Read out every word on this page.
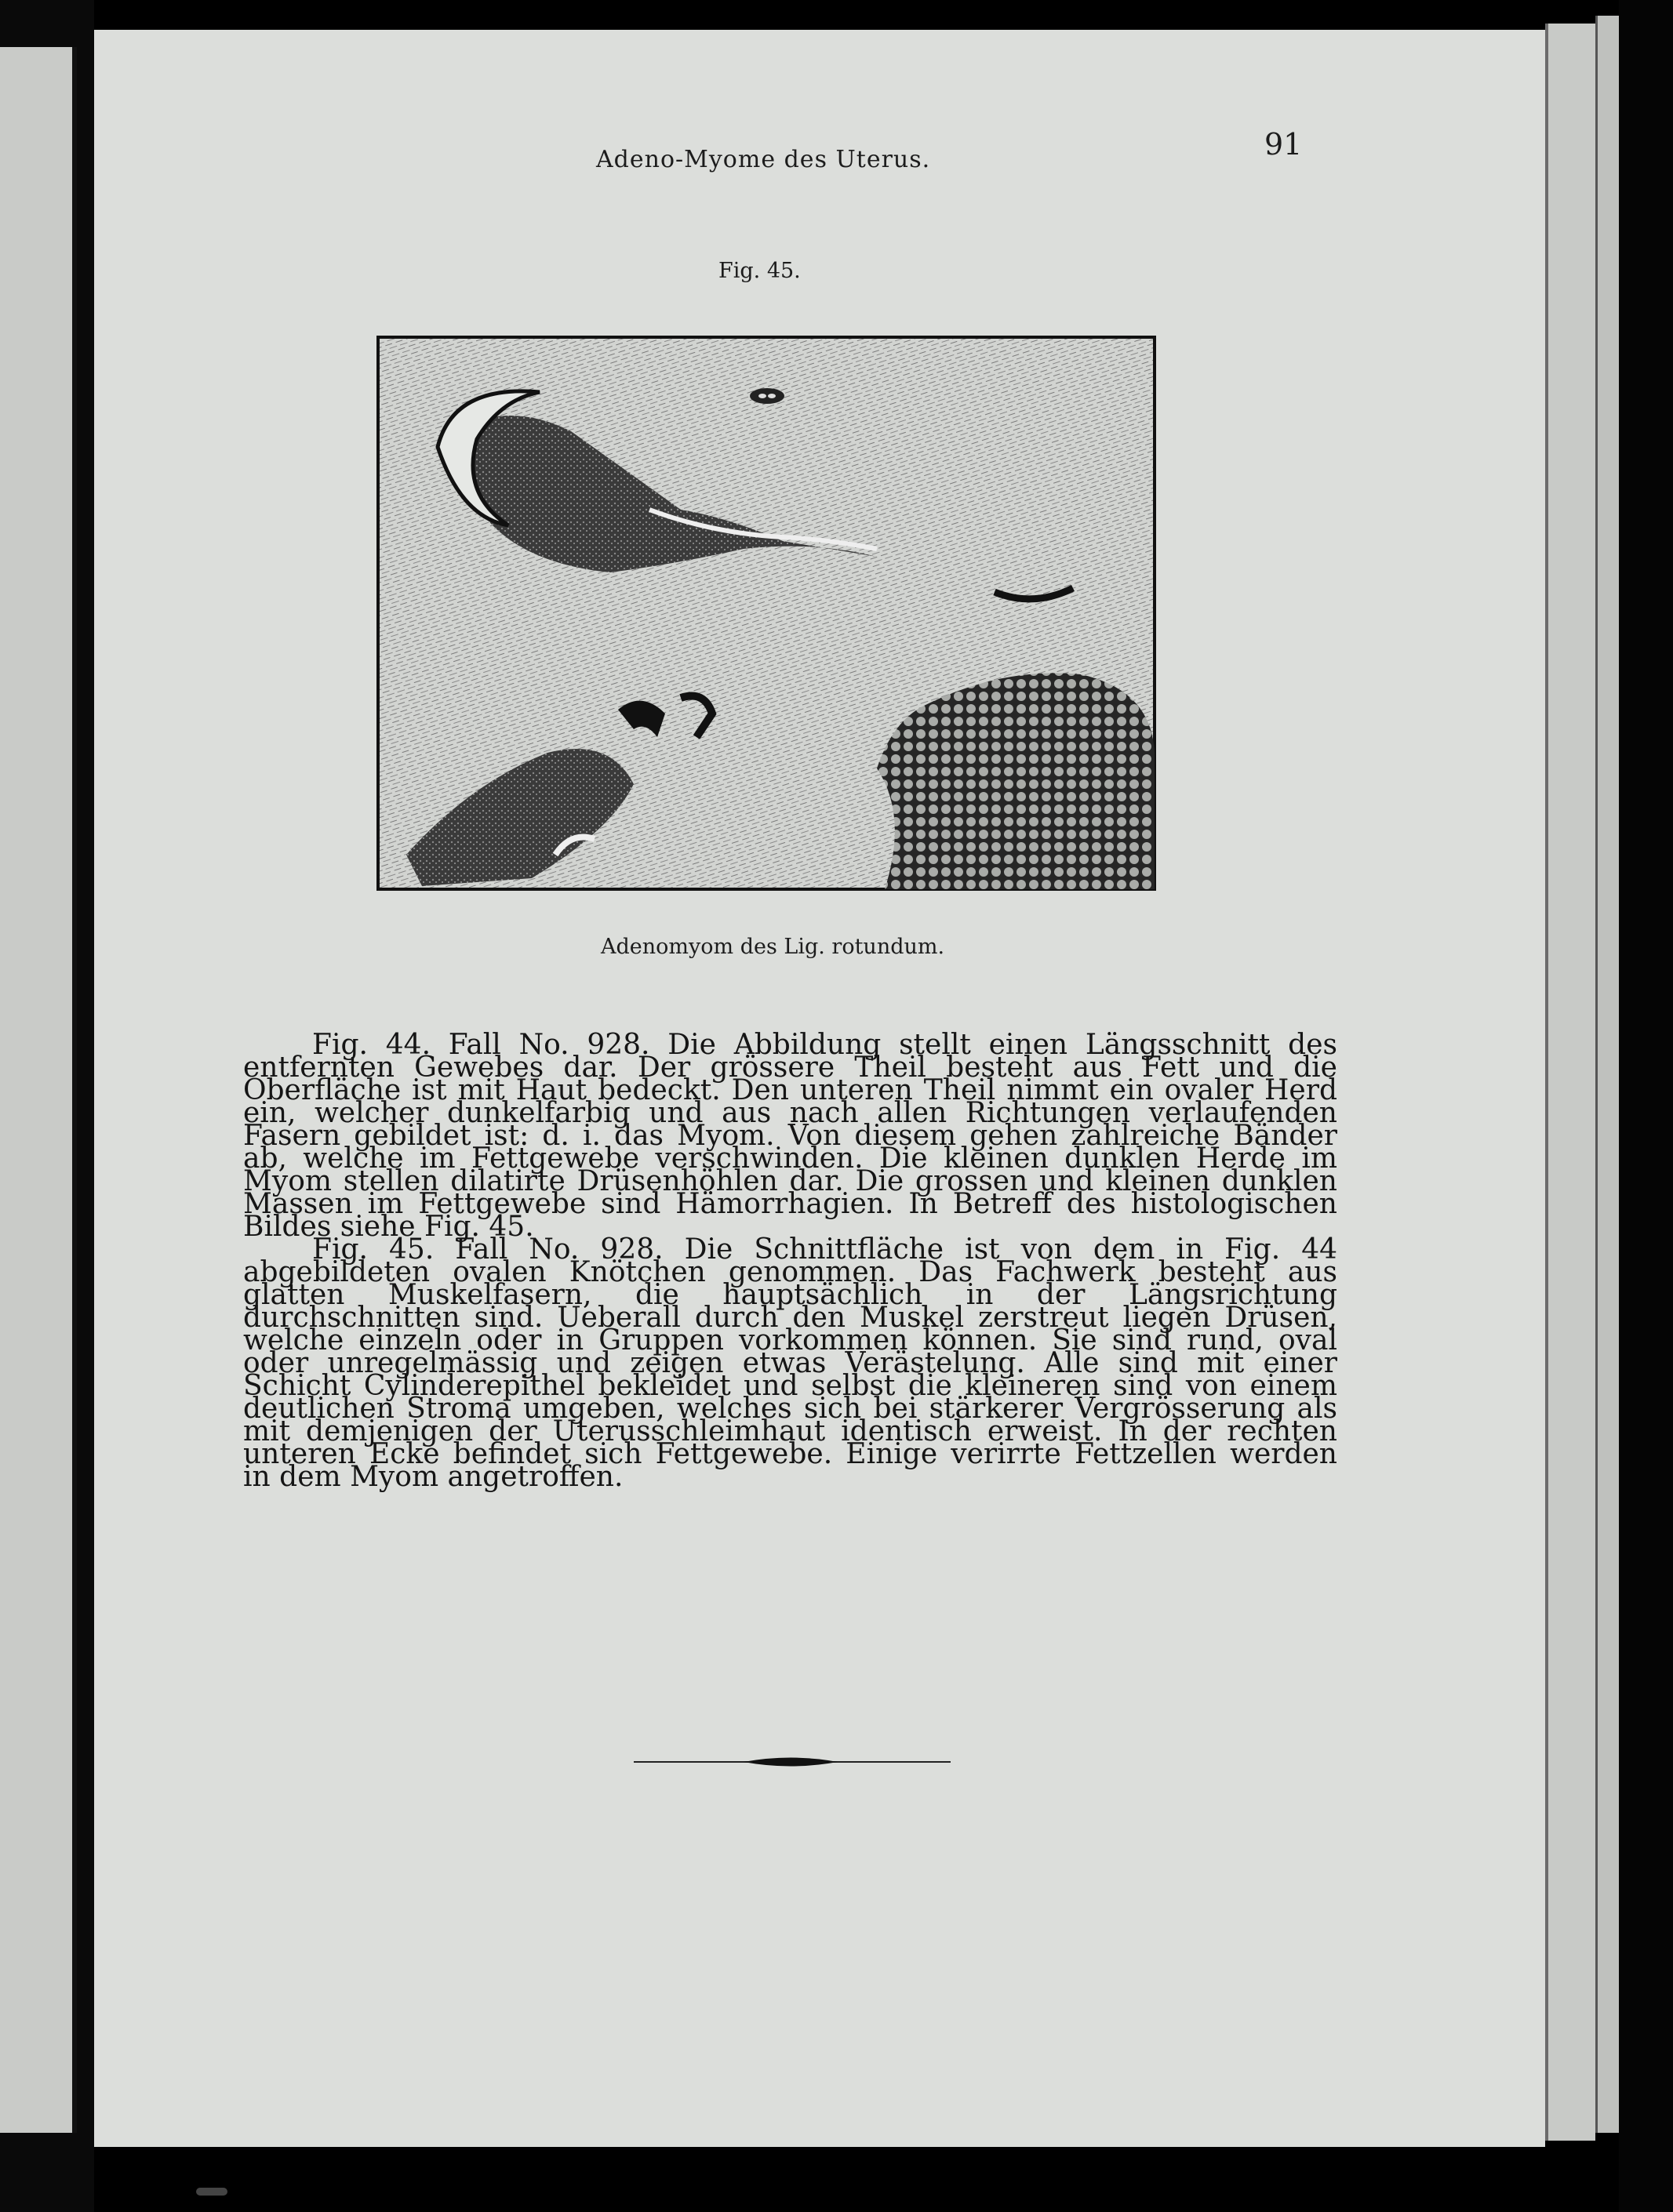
Adeno-Myome des Uterus.	91
Fig. 45.
Adenomyom des Lig. rotundum.

Fig. 44. Fall No. 928. Die Abbildung stellt einen Längsschnitt des entfernten Gewebes dar. Der grössere Theil besteht aus Fett und die Oberfläche ist mit Haut bedeckt. Den unteren Theil nimmt ein ovaler Herd ein, welcher dunkelfarbig und aus nach allen Richtungen verlaufenden Fasern gebildet ist: d. i. das Myom. Von diesem gehen zahlreiche Bänder ab, welche im Fettgewebe verschwinden. Die kleinen dunklen Herde im Myom stellen dilatirte Drüsenhöhlen dar. Die grossen und kleinen dunklen Massen im Fettgewebe sind Hämorrhagien. In Betreff des histologischen Bildes siehe Fig. 45.

Fig. 45. Fall No. 928. Die Schnittfläche ist von dem in Fig. 44 abgebildeten ovalen Knötchen genommen. Das Fachwerk besteht aus glatten Muskelfasern, die hauptsächlich in der Längsrichtung durchschnitten sind. Ueberall durch den Muskel zerstreut liegen Drüsen, welche einzeln oder in Gruppen vorkommen können. Sie sind rund, oval oder unregelmässig und zeigen etwas Verästelung. Alle sind mit einer Schicht Cylinderepithel bekleidet und selbst die kleineren sind von einem deutlichen Stroma umgeben, welches sich bei stärkerer Vergrösserung als mit demjenigen der Uterusschleimhaut identisch erweist. In der rechten unteren Ecke befindet sich Fettgewebe. Einige verirrte Fettzellen werden in dem Myom angetroffen.
